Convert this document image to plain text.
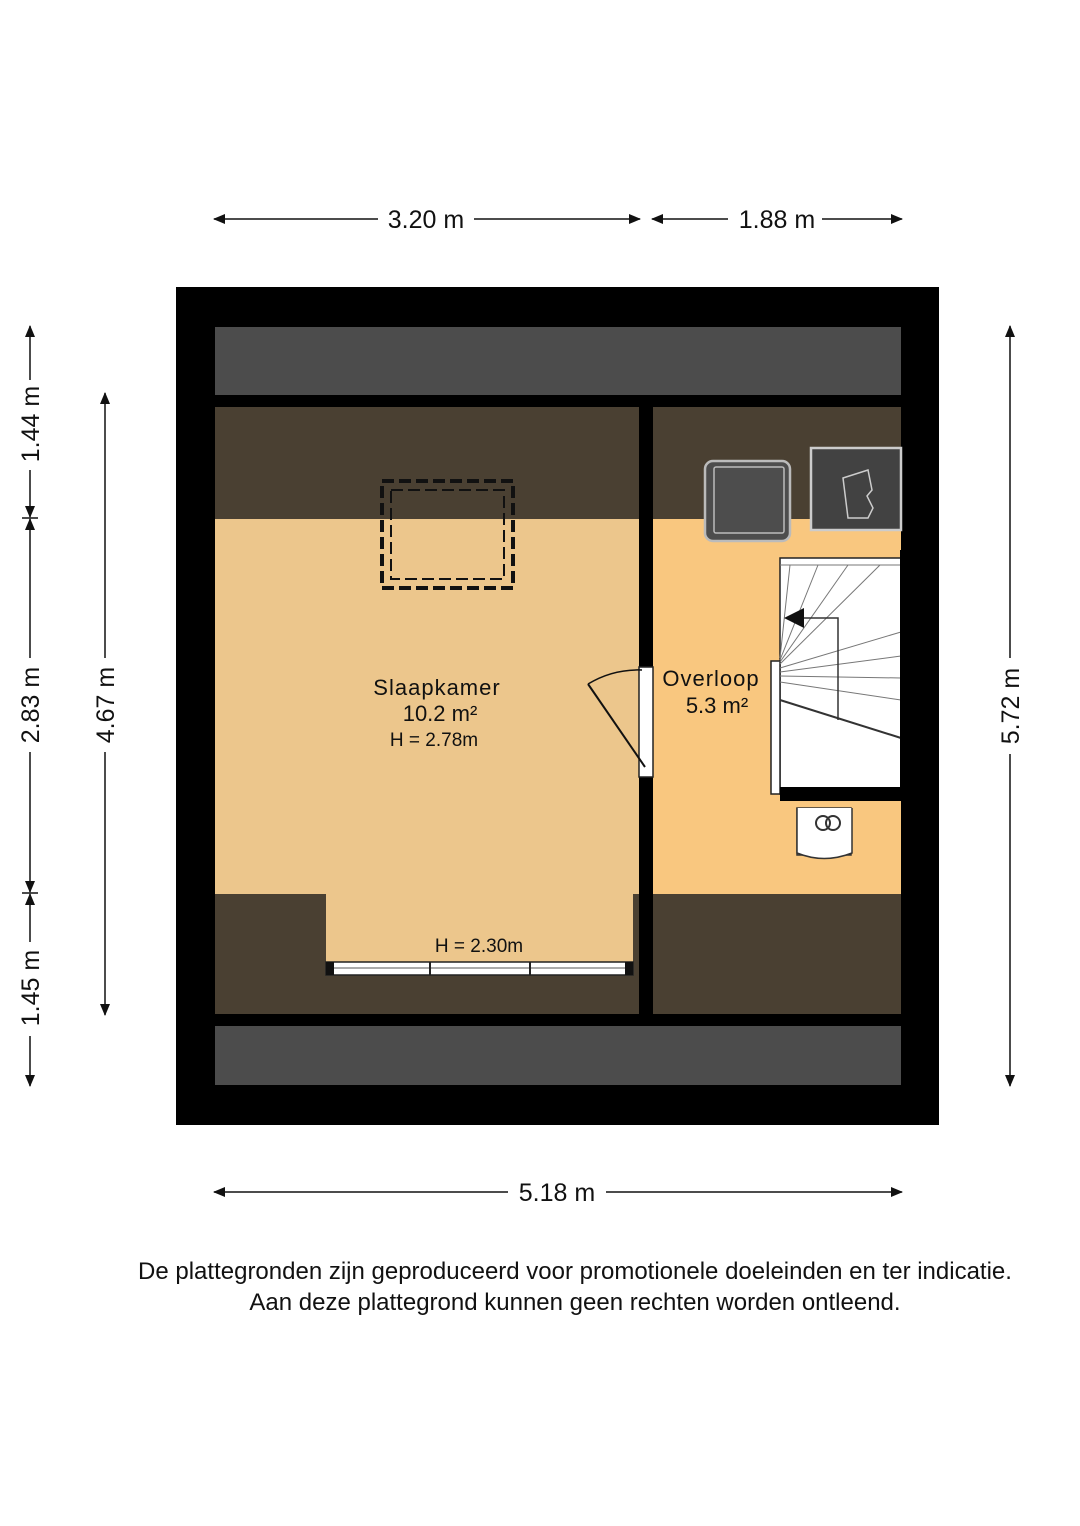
Slaapkamer
10.2 m²
H = 2.78m
Overloop
5.3 m²
H = 2.30m
3.20 m	1.88 m
5.18 m
5.72 m
4.67 m
1.44 m
2.83 m
1.45 m
De plattegronden zijn geproduceerd voor promotionele doeleinden en ter indicatie.
Aan deze plattegrond kunnen geen rechten worden ontleend.
